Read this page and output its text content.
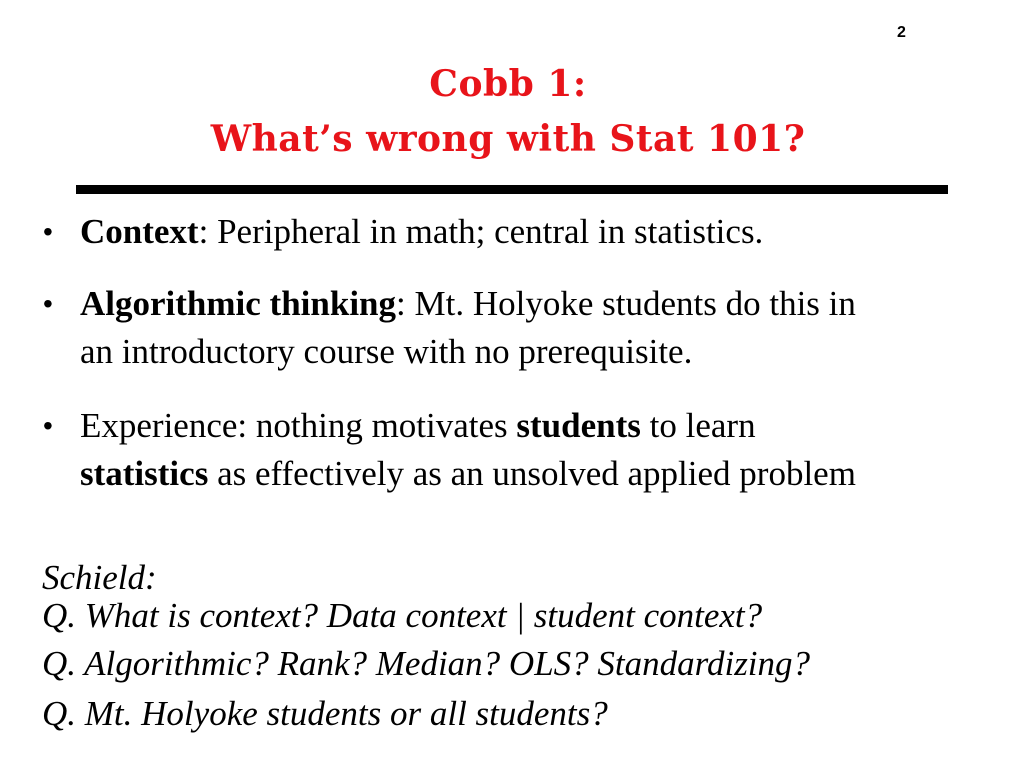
2
Cobb 1:
What’s wrong with Stat 101?
• Context: Peripheral in math; central in statistics.
• Algorithmic thinking: Mt. Holyoke students do this in
an introductory course with no prerequisite.
• Experience: nothing motivates students to learn
statistics as effectively as an unsolved applied problem
Schield:
Q. What is context? Data context | student context?
Q. Algorithmic? Rank? Median? OLS? Standardizing?
Q. Mt. Holyoke students or all students?
